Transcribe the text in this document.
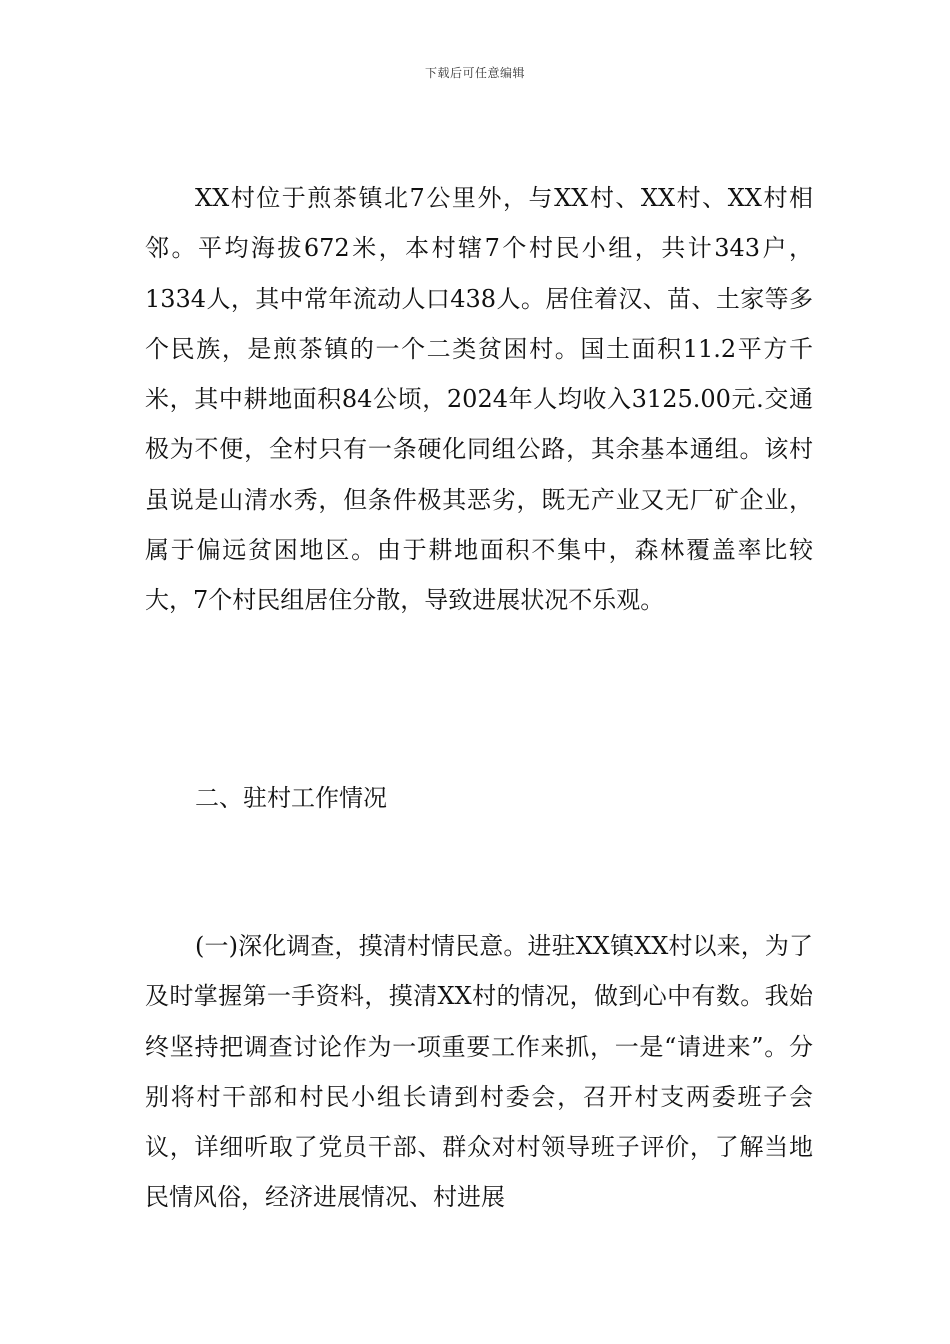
下载后可任意编辑

XX村位于煎茶镇北7公里外，与XX村、XX村、XX村相邻。平均海拔672米，本村辖7个村民小组，共计343户，1334人，其中常年流动人口438人。居住着汉、苗、土家等多个民族，是煎茶镇的一个二类贫困村。国土面积11.2平方千米，其中耕地面积84公顷，2024年人均收入3125.00元.交通极为不便，全村只有一条硬化同组公路，其余基本通组。该村虽说是山清水秀，但条件极其恶劣，既无产业又无厂矿企业，属于偏远贫困地区。由于耕地面积不集中，森林覆盖率比较大，7个村民组居住分散，导致进展状况不乐观。

二、驻村工作情况

(一)深化调查，摸清村情民意。进驻XX镇XX村以来，为了及时掌握第一手资料，摸清XX村的情况，做到心中有数。我始终坚持把调查讨论作为一项重要工作来抓，一是“请进来”。分别将村干部和村民小组长请到村委会，召开村支两委班子会议，详细听取了党员干部、群众对村领导班子评价，了解当地民情风俗，经济进展情况、村进展
